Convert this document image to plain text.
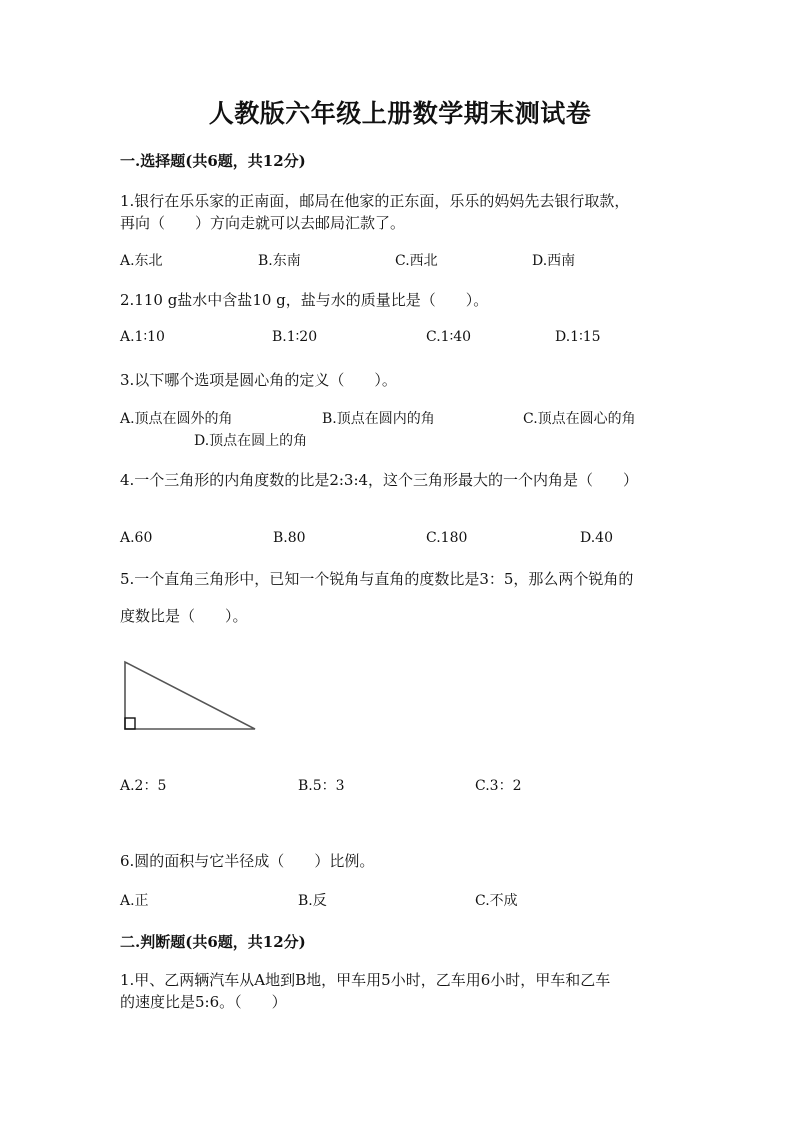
人教版六年级上册数学期末测试卷
一.选择题(共6题，共12分)
1.银行在乐乐家的正南面，邮局在他家的正东面，乐乐的妈妈先去银行取款，
再向（　　）方向走就可以去邮局汇款了。
A.东北	B.东南	C.西北	D.西南
2.110 g盐水中含盐10 g，盐与水的质量比是（　　）。
A.1∶10	B.1∶20	C.1∶40	D.1∶15
3.以下哪个选项是圆心角的定义（　　）。
A.顶点在圆外的角	B.顶点在圆内的角	C.顶点在圆心的角
D.顶点在圆上的角
4.一个三角形的内角度数的比是2:3:4，这个三角形最大的一个内角是（　　）
A.60	B.80	C.180	D.40
5.一个直角三角形中，已知一个锐角与直角的度数比是3：5，那么两个锐角的
度数比是（　　）。
A.2：5	B.5：3	C.3：2
6.圆的面积与它半径成（　　）比例。
A.正	B.反	C.不成
二.判断题(共6题，共12分)
1.甲、乙两辆汽车从A地到B地，甲车用5小时，乙车用6小时，甲车和乙车
的速度比是5:6。（　　）
